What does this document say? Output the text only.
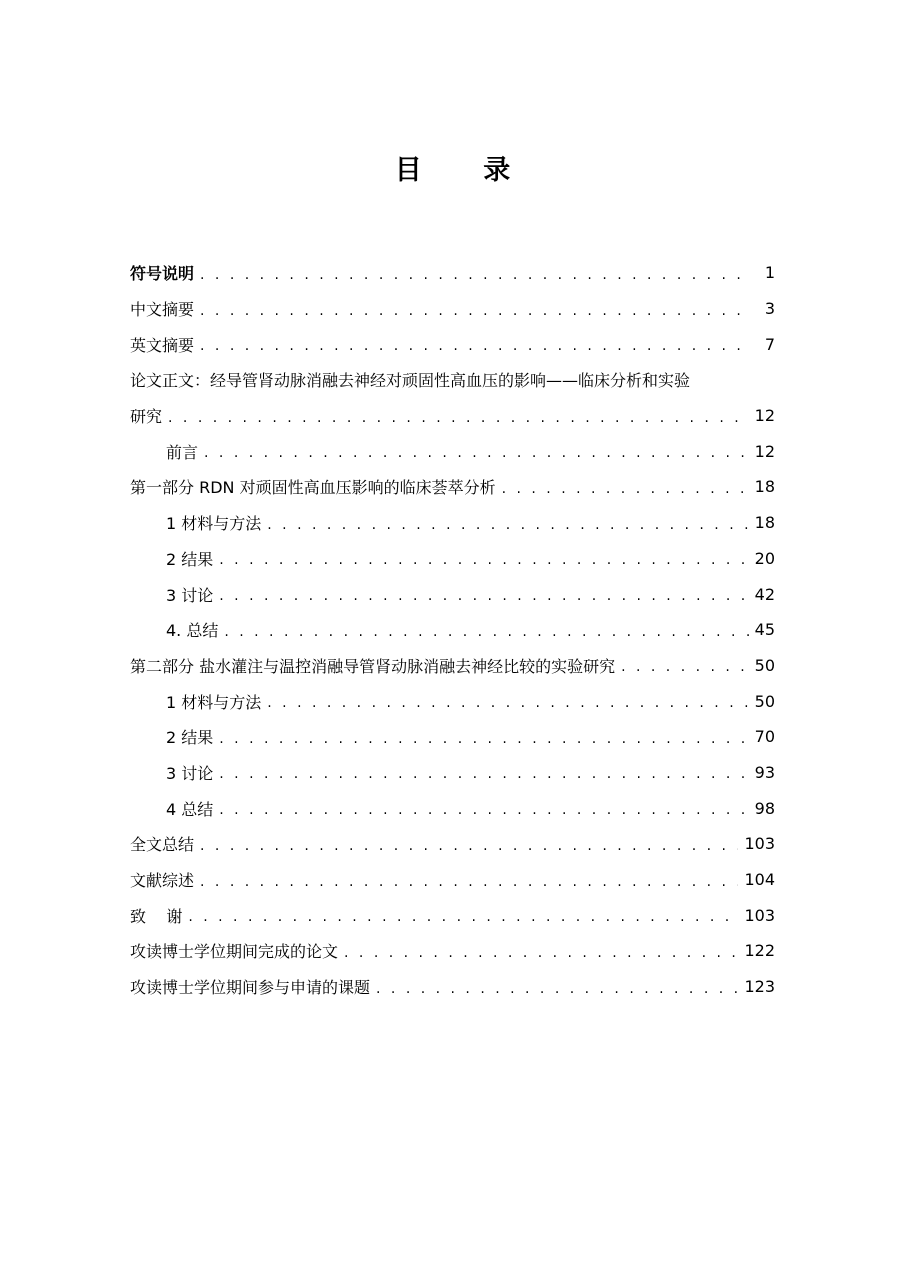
目 录
符号说明 . . .	1
中文摘要 . . .	3
英文摘要 . . .	7
论文正文：经导管肾动脉消融去神经对顽固性高血压的影响——临床分析和实验
研究 . . .	12
前言 . . .	12
第一部分 RDN 对顽固性高血压影响的临床荟萃分析 . . .	18
1 材料与方法 . . .	18
2 结果 . . .	20
3 讨论 . . .	42
4. 总结 . . .	45
第二部分 盐水灌注与温控消融导管肾动脉消融去神经比较的实验研究 . . .	50
1 材料与方法 . . .	50
2 结果 . . .	70
3 讨论 . . .	93
4 总结 . . .	98
全文总结 . . .	103
文献综述 . . .	104
致    谢 . . .	103
攻读博士学位期间完成的论文 . . .	122
攻读博士学位期间参与申请的课题 . . .	123
